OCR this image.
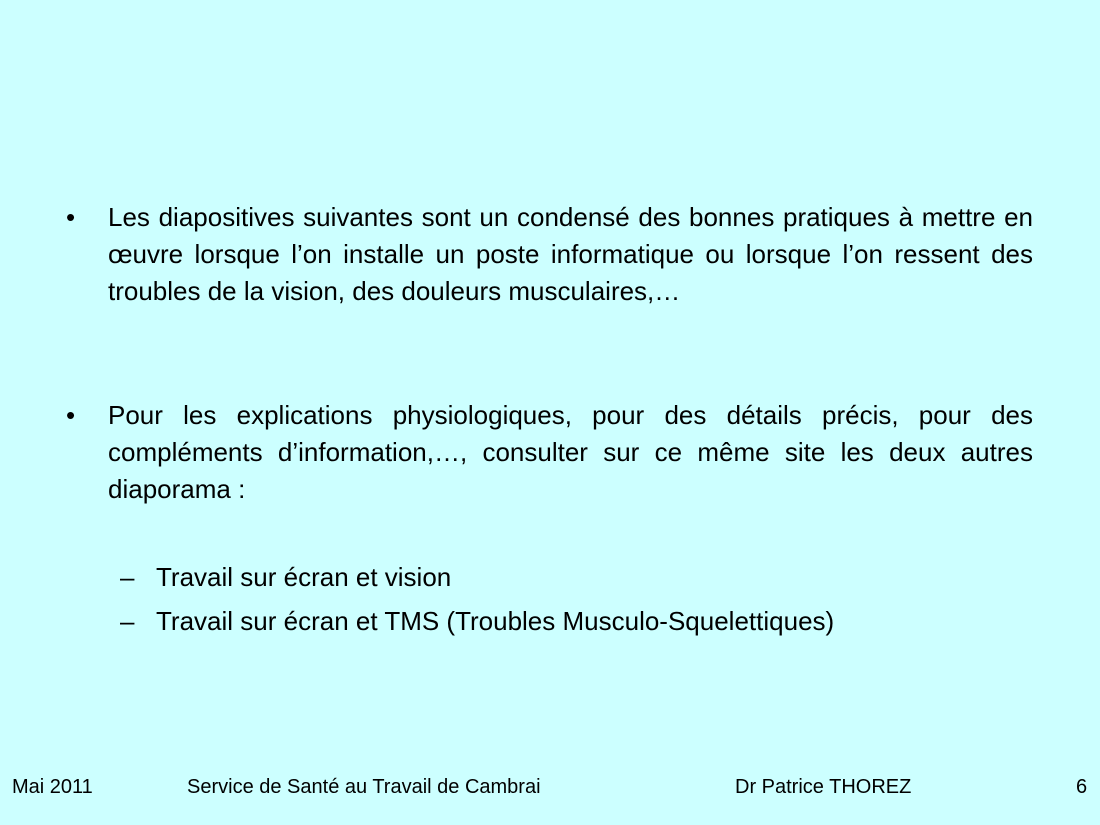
• Les diapositives suivantes sont un condensé des bonnes pratiques à mettre en œuvre lorsque l’on installe un poste informatique ou lorsque l’on ressent des troubles de la vision, des douleurs musculaires,…
• Pour les explications physiologiques, pour des détails précis, pour des compléments d’information,…, consulter sur ce même site les deux autres diaporama :
– Travail sur écran et vision
– Travail sur écran et TMS (Troubles Musculo-Squelettiques)
Mai 2011	Service de Santé au Travail de Cambrai	Dr Patrice THOREZ	6
